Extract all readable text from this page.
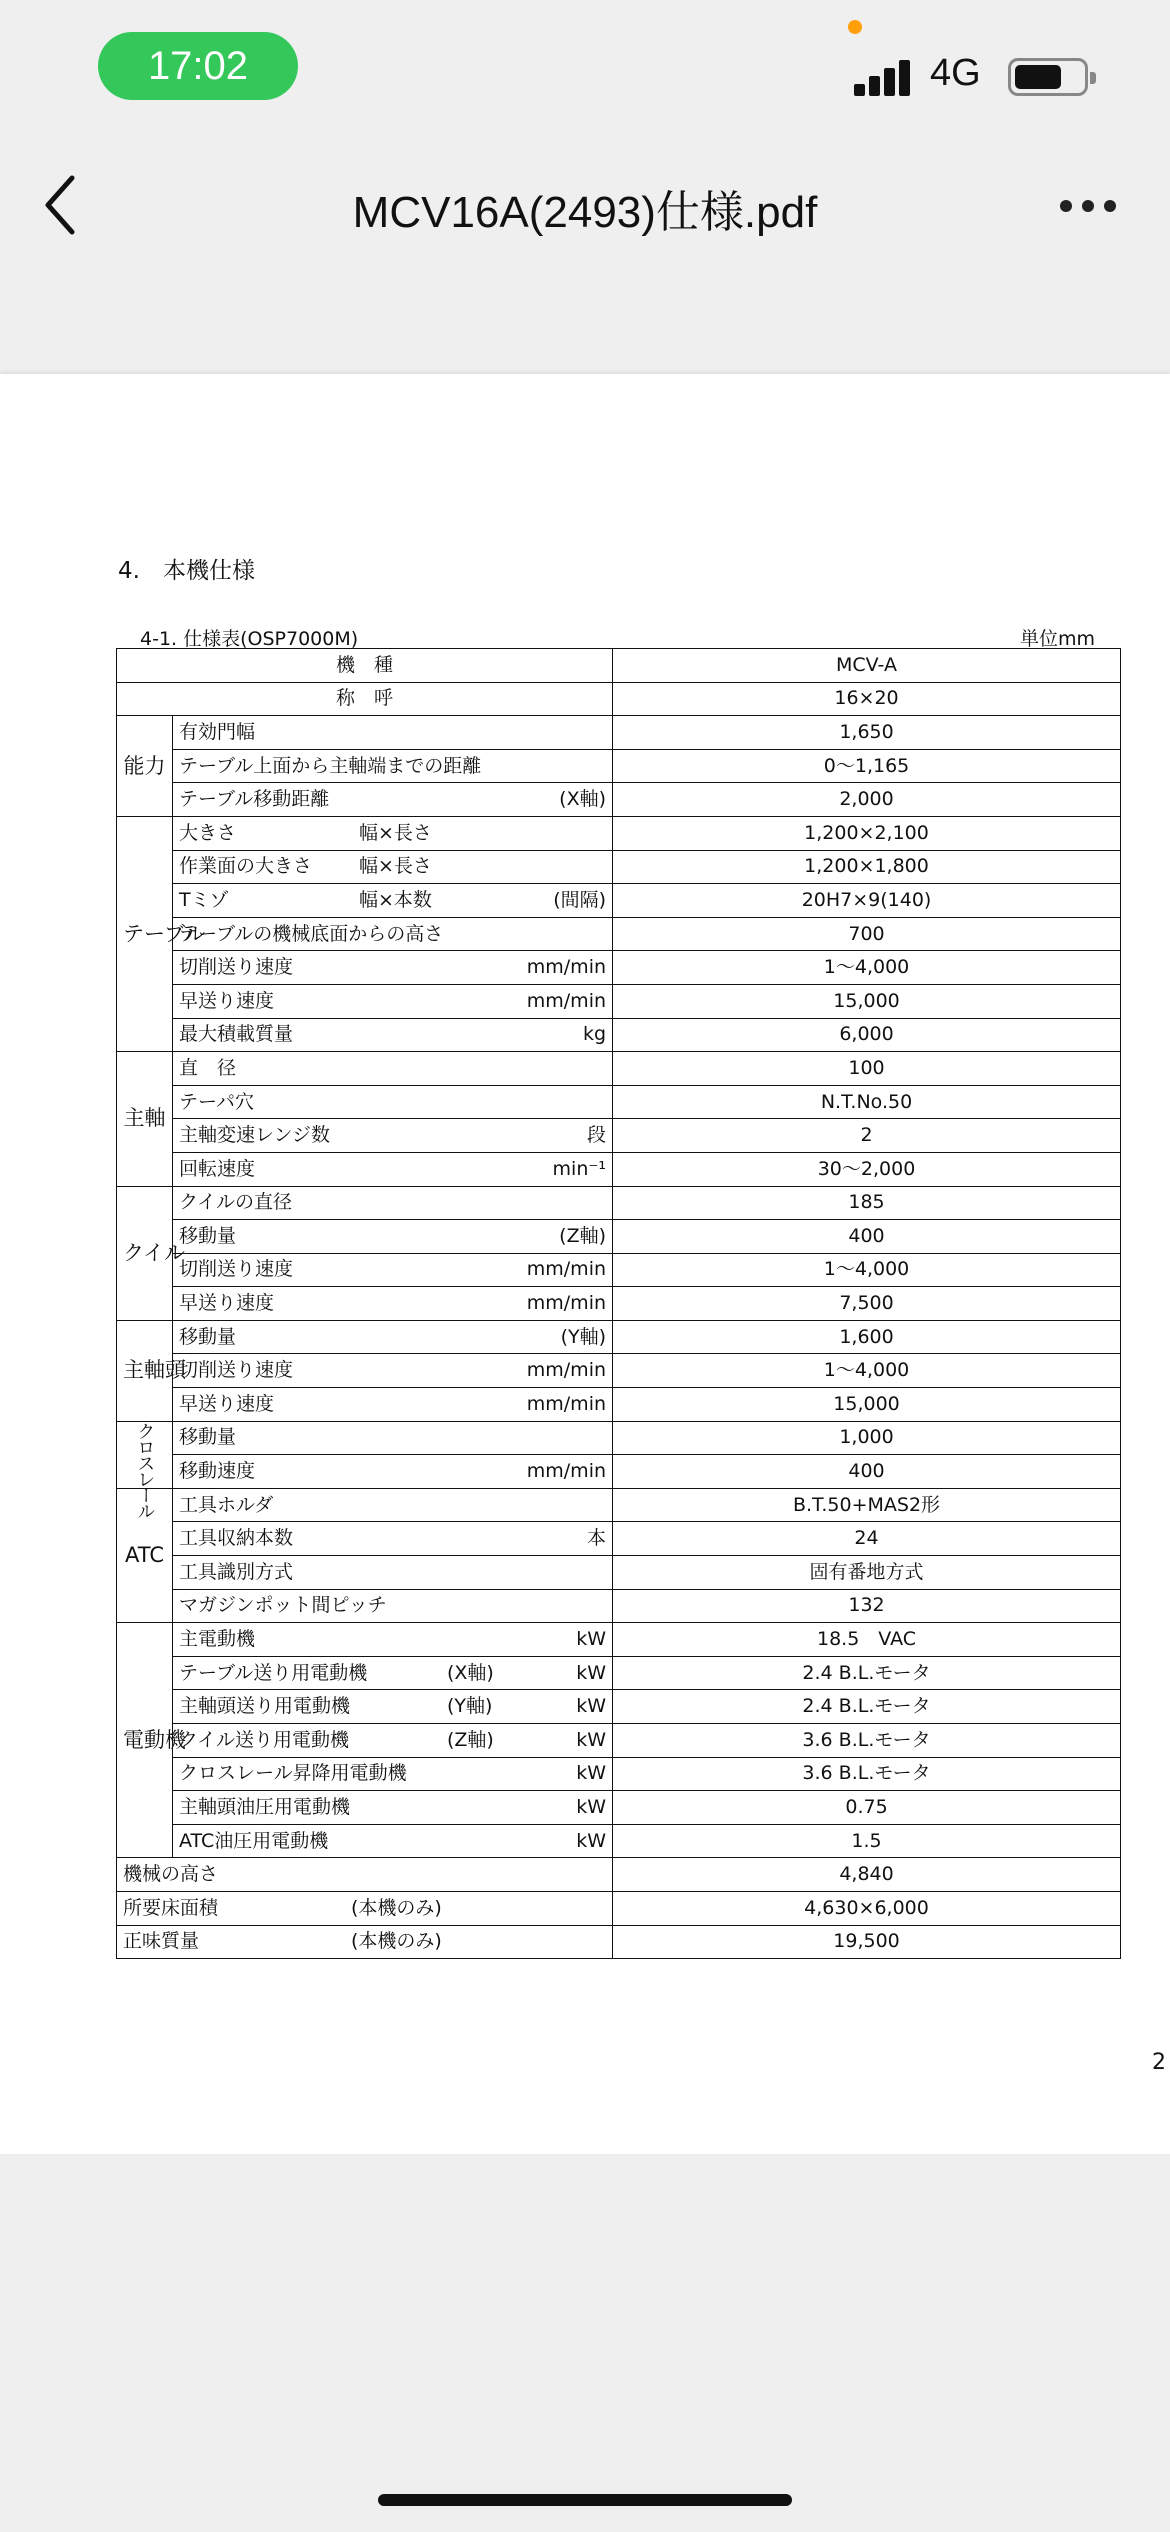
17:02	4G
MCV16A(2493)仕様.pdf
4.　本機仕様
4-1. 仕様表(OSP7000M)	単位mm
機　種		MCV-A
称　呼		16×20
能力	有効門幅	1,650

	テーブル上面から主軸端までの距離	0～1,165

	テーブル移動距離 (X軸)	2,000
テーブル	大きさ 幅×長さ	1,200×2,100

	作業面の大きさ 幅×長さ	1,200×1,800

	Tミゾ 幅×本数 (間隔)	20H7×9(140)

	テーブルの機械底面からの高さ	700

	切削送り速度 mm/min	1～4,000

	早送り速度 mm/min	15,000

	最大積載質量 kg	6,000
主軸	直　径	100

	テーパ穴	N.T.No.50

	主軸変速レンジ数 段	2

	回転速度 min⁻¹	30～2,000
クイル	クイルの直径	185

	移動量 (Z軸)	400

	切削送り速度 mm/min	1～4,000

	早送り速度 mm/min	7,500
主軸頭	移動量 (Y軸)	1,600

	切削送り速度 mm/min	1～4,000

	早送り速度 mm/min	15,000
クロスレール	移動量	1,000

	移動速度 mm/min	400
ATC	工具ホルダ	B.T.50+MAS2形

	工具収納本数 本	24

	工具識別方式	固有番地方式

	マガジンポット間ピッチ	132
電動機	主電動機 kW	18.5　VAC

	テーブル送り用電動機 (X軸) kW	2.4 B.L.モータ

	主軸頭送り用電動機 (Y軸) kW	2.4 B.L.モータ

	クイル送り用電動機 (Z軸) kW	3.6 B.L.モータ

	クロスレール昇降用電動機 kW	3.6 B.L.モータ

	主軸頭油圧用電動機 kW	0.75

	ATC油圧用電動機 kW	1.5

機械の高さ		4,840

所要床面積 (本機のみ)		4,630×6,000

正味質量 (本機のみ)		19,500
2
